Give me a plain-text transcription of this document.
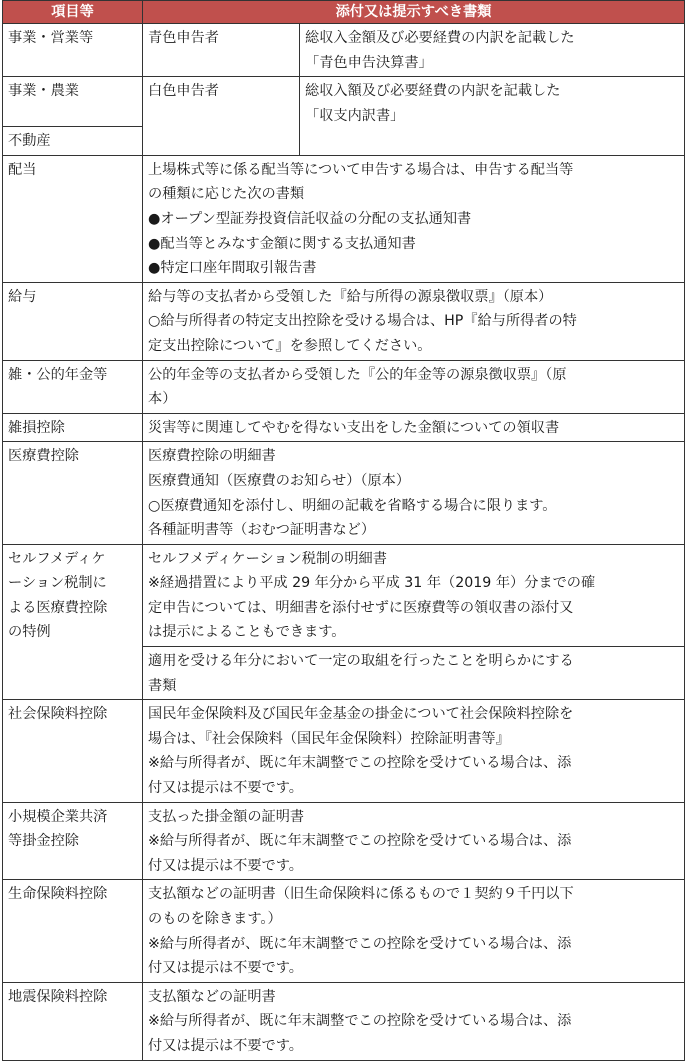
項目等	添付又は提示すべき書類	
事業・営業等	青色申告者	総収入金額及び必要経費の内訳を記載した
「青色申告決算書」

事業・農業	白色申告者	総収入額及び必要経費の内訳を記載した
「収支内訳書」

不動産		
配当	上場株式等に係る配当等について申告する場合は、申告する配当等
の種類に応じた次の書類
●オープン型証券投資信託収益の分配の支払通知書
●配当等とみなす金額に関する支払通知書
●特定口座年間取引報告書	

給与	給与等の支払者から受領した『給与所得の源泉徴収票』（原本）
○給与所得者の特定支出控除を受ける場合は、HP『給与所得者の特
定支出控除について』を参照してください。	

雑・公的年金等	公的年金等の支払者から受領した『公的年金等の源泉徴収票』（原
本）	

雑損控除	災害等に関連してやむを得ない支出をした金額についての領収書	

医療費控除	医療費控除の明細書
医療費通知（医療費のお知らせ）（原本）
○医療費通知を添付し、明細の記載を省略する場合に限ります。
各種証明書等（おむつ証明書など）	

セルフメディケ
ーション税制に
よる医療費控除
の特例	セルフメディケーション税制の明細書
※経過措置により平成 29 年分から平成 31 年（2019 年）分までの確
定申告については、明細書を添付せずに医療費等の領収書の添付又
は提示によることもできます。	

	適用を受ける年分において一定の取組を行ったことを明らかにする
書類	

社会保険料控除	国民年金保険料及び国民年金基金の掛金について社会保険料控除を
場合は、『社会保険料（国民年金保険料）控除証明書等』
※給与所得者が、既に年末調整でこの控除を受けている場合は、添
付又は提示は不要です。	

小規模企業共済
等掛金控除	支払った掛金額の証明書
※給与所得者が、既に年末調整でこの控除を受けている場合は、添
付又は提示は不要です。	

生命保険料控除	支払額などの証明書（旧生命保険料に係るもので１契約９千円以下
のものを除きます。）
※給与所得者が、既に年末調整でこの控除を受けている場合は、添
付又は提示は不要です。	

地震保険料控除	支払額などの証明書
※給与所得者が、既に年末調整でこの控除を受けている場合は、添
付又は提示は不要です。	
